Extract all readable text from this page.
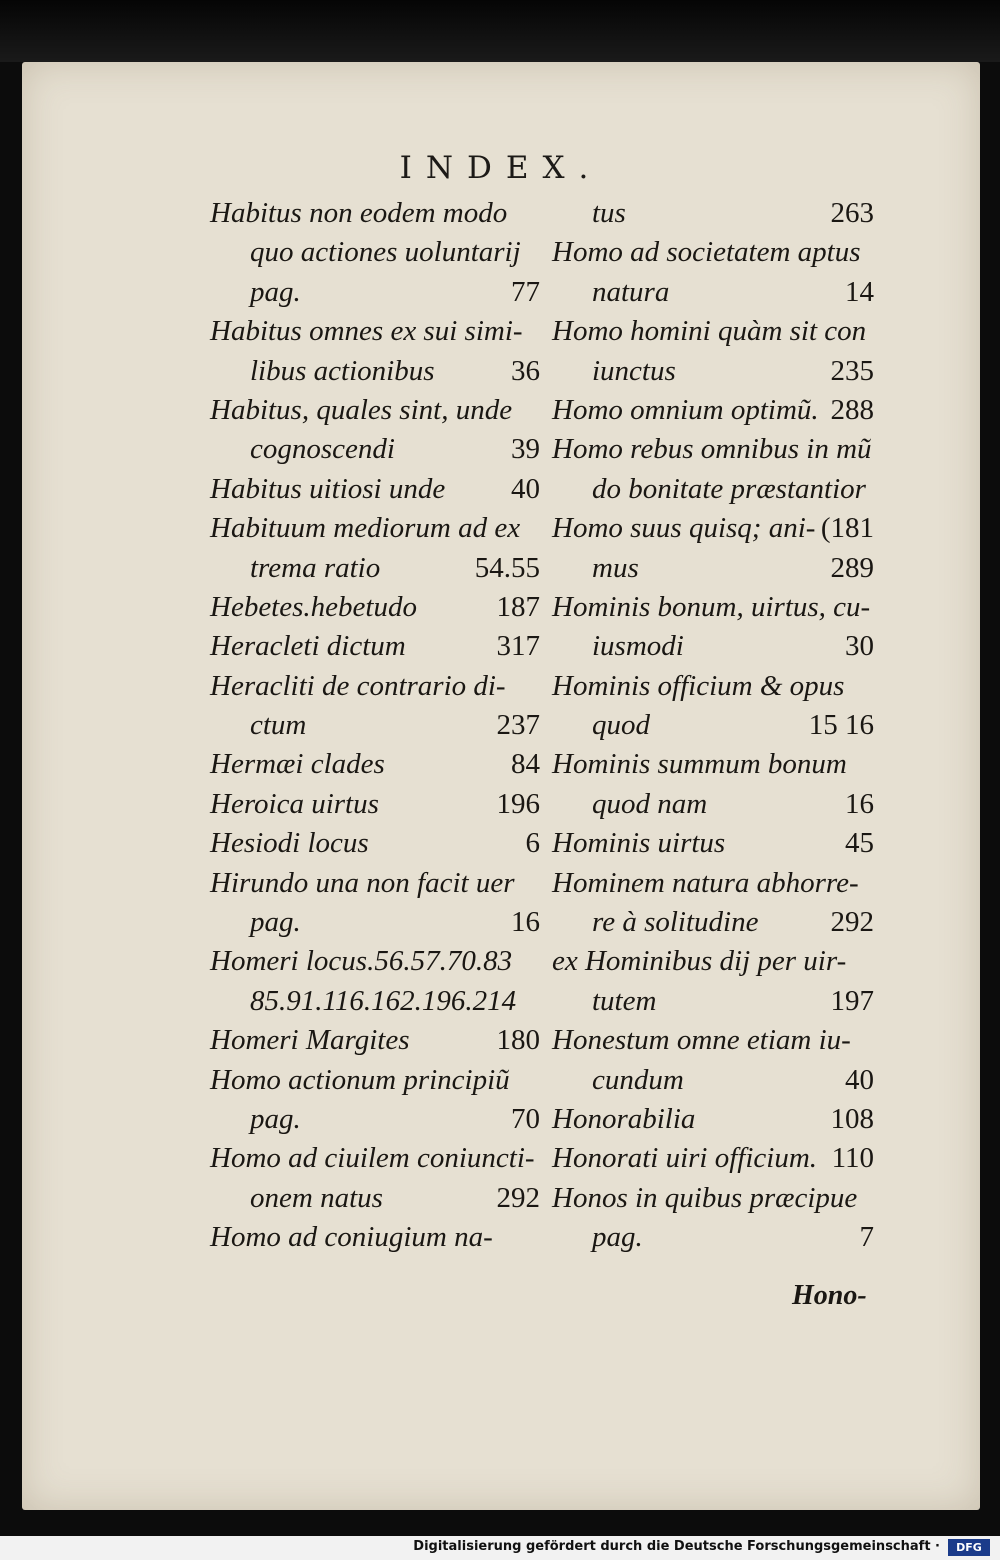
INDEX.
Habitus non eodem modo
quo actiones uoluntarij
pag.	77
Habitus omnes ex sui simi-
libus actionibus	36
Habitus, quales sint, unde
cognoscendi	39
Habitus uitiosi unde 40
Habituum mediorum ad ex
trema ratio	54.55
Hebetes.hebetudo	187
Heracleti dictum	317
Heracliti de contrario di-
ctum	237
Hermæi clades	84
Heroica uirtus	196
Hesiodi locus	6
Hirundo una non facit uer
pag.	16
Homeri locus.56.57.70.83
85.91.116.162.196.214
Homeri Margites	180
Homo actionum principiũ
pag.	70
Homo ad ciuilem coniuncti-
onem natus	292
Homo ad coniugium na-
tus	263
Homo ad societatem aptus
natura	14
Homo homini quàm sit con
iunctus	235
Homo omnium optimũ. 288
Homo rebus omnibus in mũ
do bonitate præstantior
Homo suus quisq; ani- (181
mus	289
Hominis bonum, uirtus, cu-
iusmodi	30
Hominis officium & opus
quod	15 16
Hominis summum bonum
quod nam	16
Hominis uirtus	45
Hominem natura abhorre-
re à solitudine 292
ex Hominibus dij per uir-
tutem	197
Honestum omne etiam iu-
cundum	40
Honorabilia	108
Honorati uiri officium. 110
Honos in quibus præcipue
pag.	7
Hono-
Digitalisierung gefördert durch die Deutsche Forschungsgemeinschaft ·	DFG
